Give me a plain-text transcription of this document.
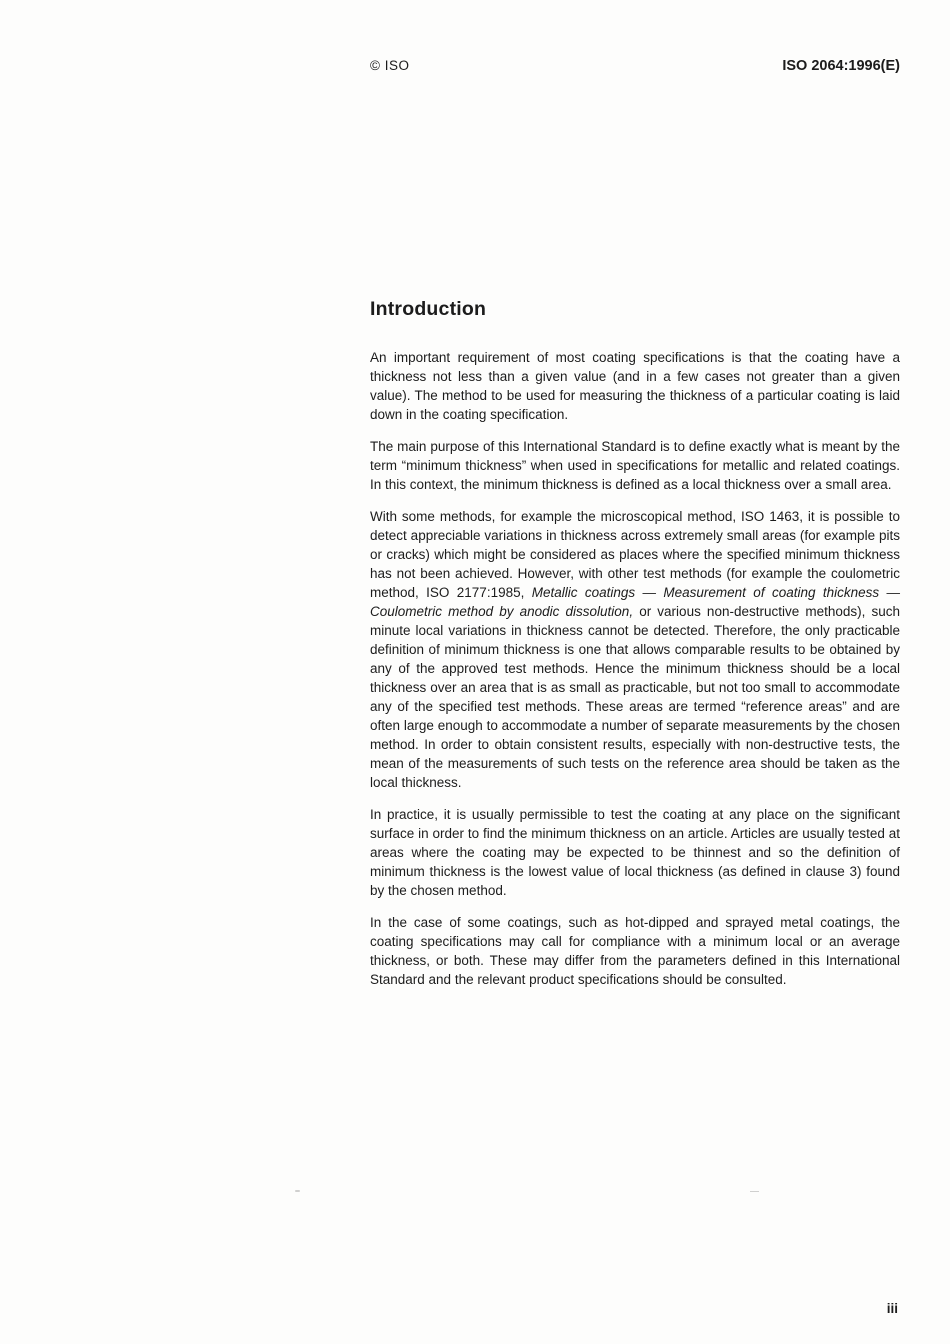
© ISO	ISO 2064:1996(E)
Introduction

An important requirement of most coating specifications is that the coating have a thickness not less than a given value (and in a few cases not greater than a given value). The method to be used for measuring the thickness of a particular coating is laid down in the coating specification.

The main purpose of this International Standard is to define exactly what is meant by the term “minimum thickness” when used in specifications for metallic and related coatings. In this context, the minimum thickness is defined as a local thickness over a small area.

With some methods, for example the microscopical method, ISO 1463, it is possible to detect appreciable variations in thickness across extremely small areas (for example pits or cracks) which might be considered as places where the specified minimum thickness has not been achieved. However, with other test methods (for example the coulometric method, ISO 2177:1985, Metallic coatings — Measurement of coating thickness — Coulometric method by anodic dissolution, or various non-destructive methods), such minute local variations in thickness cannot be detected. Therefore, the only practicable definition of minimum thickness is one that allows comparable results to be obtained by any of the approved test methods. Hence the minimum thickness should be a local thickness over an area that is as small as practicable, but not too small to accommodate any of the specified test methods. These areas are termed “reference areas” and are often large enough to accommodate a number of separate measurements by the chosen method. In order to obtain consistent results, especially with non-destructive tests, the mean of the measurements of such tests on the reference area should be taken as the local thickness.

In practice, it is usually permissible to test the coating at any place on the significant surface in order to find the minimum thickness on an article. Articles are usually tested at areas where the coating may be expected to be thinnest and so the definition of minimum thickness is the lowest value of local thickness (as defined in clause 3) found by the chosen method.

In the case of some coatings, such as hot-dipped and sprayed metal coatings, the coating specifications may call for compliance with a minimum local or an average thickness, or both. These may differ from the parameters defined in this International Standard and the relevant product specifications should be consulted.

iii
